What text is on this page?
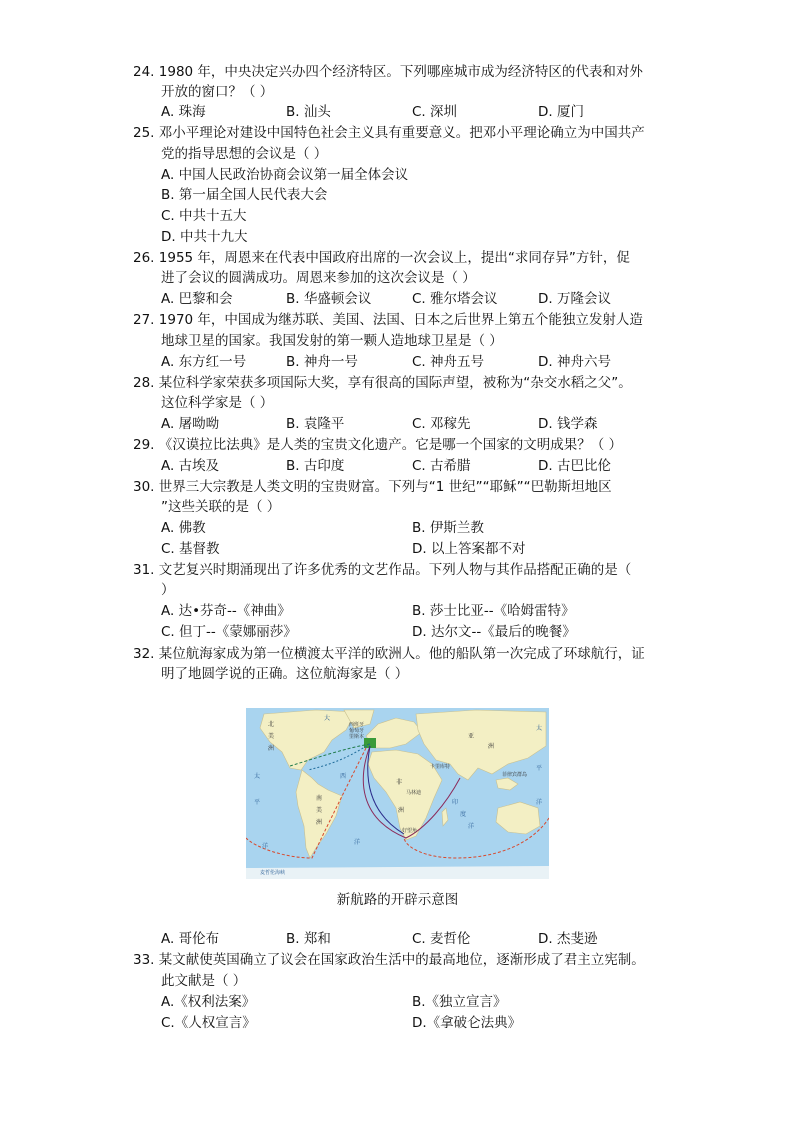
24. 1980 年，中央决定兴办四个经济特区。下列哪座城市成为经济特区的代表和对外
开放的窗口？（ ）
A. 珠海	B. 汕头	C. 深圳	D. 厦门
25. 邓小平理论对建设中国特色社会主义具有重要意义。把邓小平理论确立为中国共产
党的指导思想的会议是（ ）
A. 中国人民政治协商会议第一届全体会议
B. 第一届全国人民代表大会
C. 中共十五大
D. 中共十九大
26. 1955 年，周恩来在代表中国政府出席的一次会议上，提出“求同存异”方针，促
进了会议的圆满成功。周恩来参加的这次会议是（ ）
A. 巴黎和会	B. 华盛顿会议	C. 雅尔塔会议	D. 万隆会议
27. 1970 年，中国成为继苏联、美国、法国、日本之后世界上第五个能独立发射人造
地球卫星的国家。我国发射的第一颗人造地球卫星是（ ）
A. 东方红一号	B. 神舟一号	C. 神舟五号	D. 神舟六号
28. 某位科学家荣获多项国际大奖，享有很高的国际声望，被称为“杂交水稻之父”。
这位科学家是（ ）
A. 屠呦呦	B. 袁隆平	C. 邓稼先	D. 钱学森
29. 《汉谟拉比法典》是人类的宝贵文化遗产。它是哪一个国家的文明成果？（ ）
A. 古埃及	B. 古印度	C. 古希腊	D. 古巴比伦
30. 世界三大宗教是人类文明的宝贵财富。下列与“1 世纪”“耶稣”“巴勒斯坦地区
”这些关联的是（ ）
A. 佛教	B. 伊斯兰教
C. 基督教	D. 以上答案都不对
31. 文艺复兴时期涌现出了许多优秀的文艺作品。下列人物与其作品搭配正确的是（
）
A. 达•芬奇--《神曲》	B. 莎士比亚--《哈姆雷特》
C. 但丁--《蒙娜丽莎》	D. 达尔文--《最后的晚餐》
32. 某位航海家成为第一位横渡太平洋的欧洲人。他的船队第一次完成了环球航行，证
明了地圆学说的正确。这位航海家是（ ）
北
美
洲
南
美
洲
太
平
洋
大
西
洋
非
洲
印
度
洋
亚
洲
太
平
洋
西班牙
葡萄牙
里斯本
卡里库特
马林迪
好望角
菲律宾群岛
麦哲伦海峡
新航路的开辟示意图
A. 哥伦布	B. 郑和	C. 麦哲伦	D. 杰斐逊
33. 某文献使英国确立了议会在国家政治生活中的最高地位，逐渐形成了君主立宪制。
此文献是（ ）
A.《权利法案》	B.《独立宣言》
C.《人权宣言》	D.《拿破仑法典》
